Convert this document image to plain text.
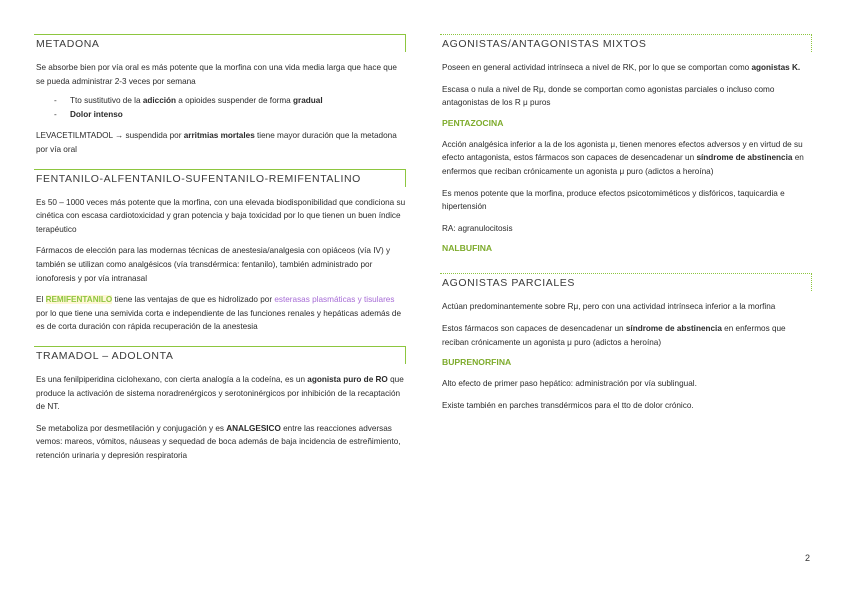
METADONA

Se absorbe bien por vía oral es más potente que la morfina con una vida media larga que hace que se pueda administrar 2-3 veces por semana

- Tto sustitutivo de la adicción a opioides suspender de forma gradual
- Dolor intenso

LEVACETILMTADOL → suspendida por arritmias mortales tiene mayor duración que la metadona por vía oral

FENTANILO-ALFENTANILO-SUFENTANILO-REMIFENTALINO

Es 50 – 1000 veces más potente que la morfina, con una elevada biodisponibilidad que condiciona su cinética con escasa cardiotoxicidad y gran potencia y baja toxicidad por lo que tienen un buen índice terapéutico

Fármacos de elección para las modernas técnicas de anestesia/analgesia con opiáceos (vía IV) y también se utilizan como analgésicos (vía transdérmica: fentanilo), también administrado por ionoforesis y por vía intranasal

El REMIFENTANILO tiene las ventajas de que es hidrolizado por esterasas plasmáticas y tisulares por lo que tiene una semivida corta e independiente de las funciones renales y hepáticas además de es de corta duración con rápida recuperación de la anestesia

TRAMADOL – ADOLONTA

Es una fenilpiperidina ciclohexano, con cierta analogía a la codeína, es un agonista puro de RO que produce la activación de sistema noradrenérgicos y serotoninérgicos por inhibición de la recaptación de NT.

Se metaboliza por desmetilación y conjugación y es ANALGESICO entre las reacciones adversas vemos: mareos, vómitos, náuseas y sequedad de boca además de baja incidencia de estreñimiento, retención urinaria y depresión respiratoria

AGONISTAS/ANTAGONISTAS MIXTOS

Poseen en general actividad intrínseca a nivel de RK, por lo que se comportan como agonistas K.

Escasa o nula a nivel de Rμ, donde se comportan como agonistas parciales o incluso como antagonistas de los R μ puros

PENTAZOCINA

Acción analgésica inferior a la de los agonista μ, tienen menores efectos adversos y en virtud de su efecto antagonista, estos fármacos son capaces de desencadenar un síndrome de abstinencia en enfermos que reciban crónicamente un agonista μ puro (adictos a heroína)

Es menos potente que la morfina, produce efectos psicotomiméticos y disfóricos, taquicardia e hipertensión

RA: agranulocitosis

NALBUFINA
AGONISTAS PARCIALES

Actúan predominantemente sobre Rμ, pero con una actividad intrínseca inferior a la morfina

Estos fármacos son capaces de desencadenar un síndrome de abstinencia en enfermos que reciban crónicamente un agonista μ puro (adictos a heroína)

BUPRENORFINA

Alto efecto de primer paso hepático: administración por vía sublingual.

Existe también en parches transdérmicos para el tto de dolor crónico.

2
